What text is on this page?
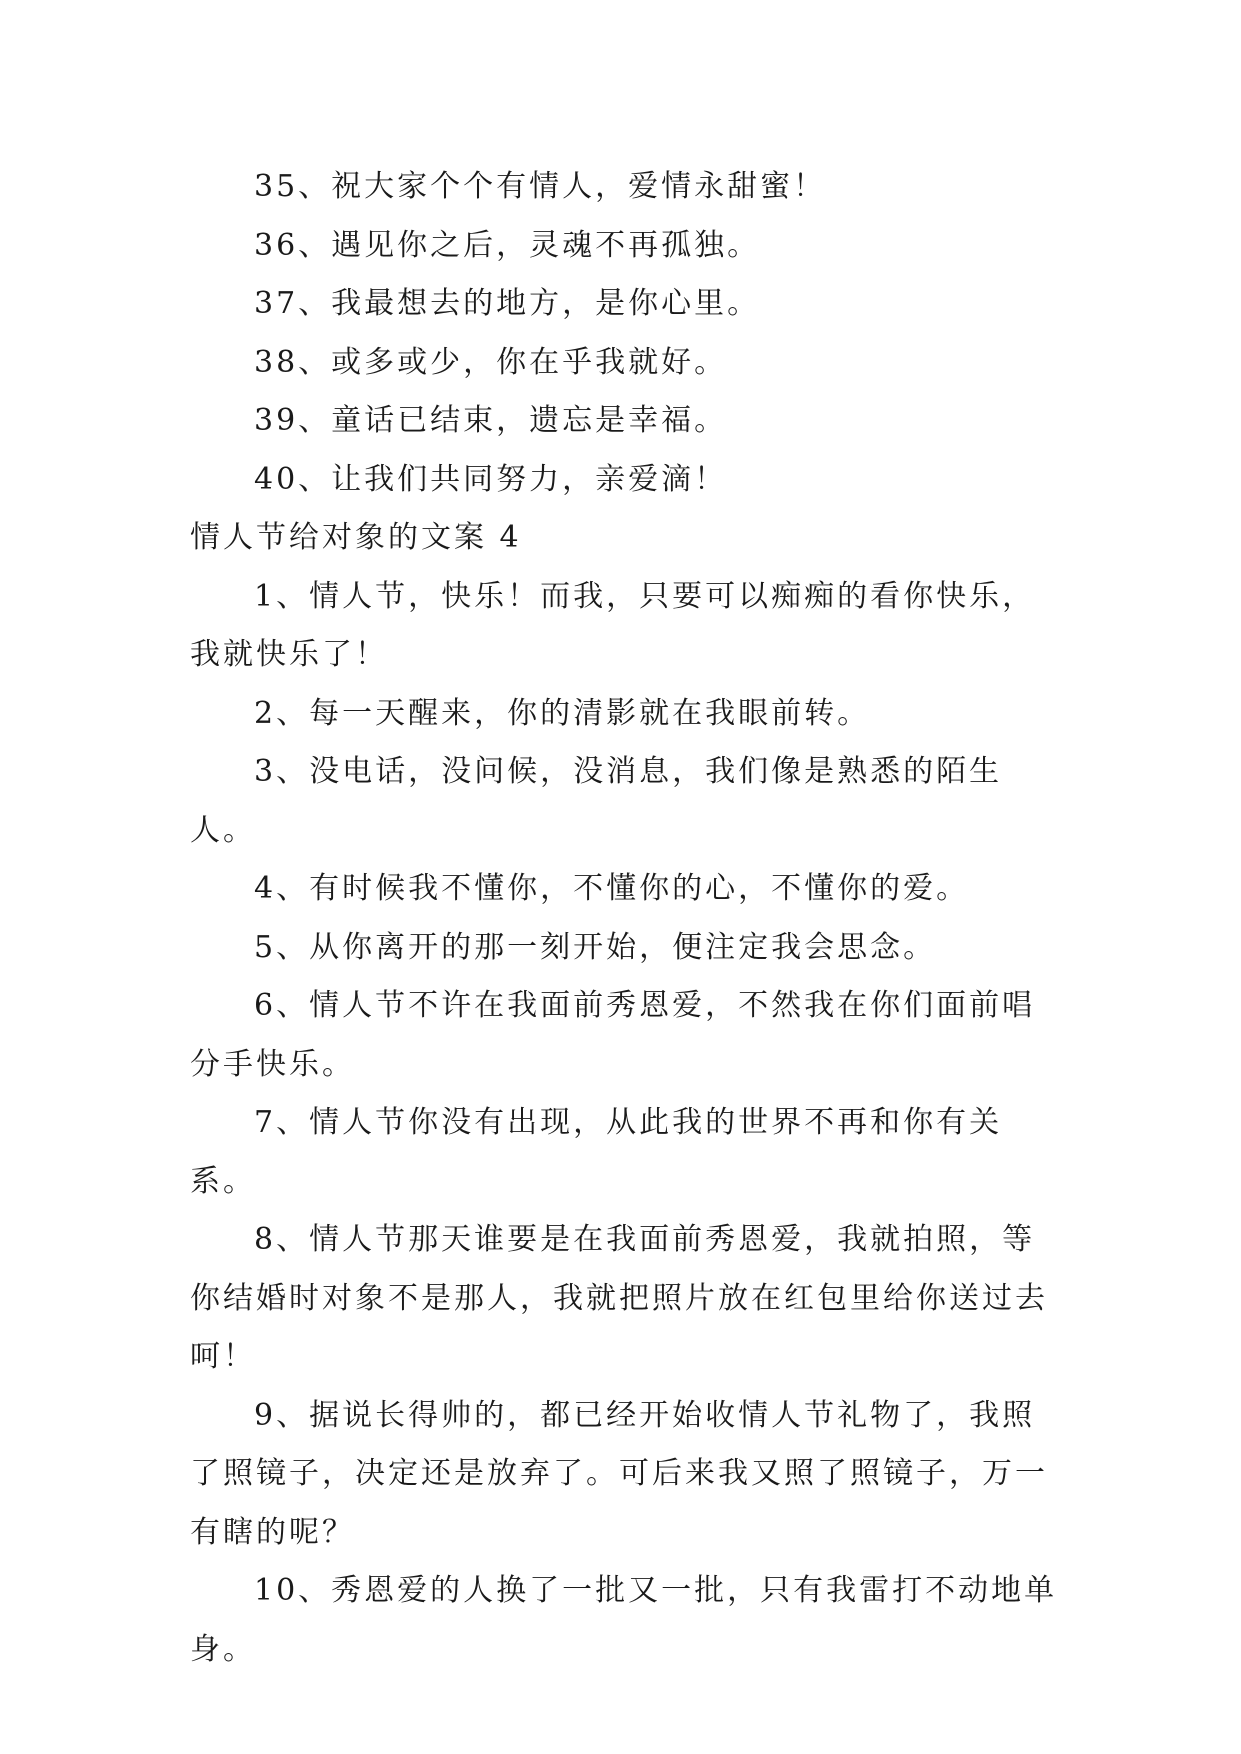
35、祝大家个个有情人，爱情永甜蜜！

36、遇见你之后，灵魂不再孤独。

37、我最想去的地方，是你心里。

38、或多或少，你在乎我就好。

39、童话已结束，遗忘是幸福。

40、让我们共同努力，亲爱滴！

情人节给对象的文案 4

1、情人节，快乐！而我，只要可以痴痴的看你快乐，我就快乐了！

2、每一天醒来，你的清影就在我眼前转。

3、没电话，没问候，没消息，我们像是熟悉的陌生人。

4、有时候我不懂你，不懂你的心，不懂你的爱。

5、从你离开的那一刻开始，便注定我会思念。

6、情人节不许在我面前秀恩爱，不然我在你们面前唱分手快乐。

7、情人节你没有出现，从此我的世界不再和你有关系。

8、情人节那天谁要是在我面前秀恩爱，我就拍照，等你结婚时对象不是那人，我就把照片放在红包里给你送过去呵！

9、据说长得帅的，都已经开始收情人节礼物了，我照了照镜子，决定还是放弃了。可后来我又照了照镜子，万一有瞎的呢？

10、秀恩爱的人换了一批又一批，只有我雷打不动地单身。
